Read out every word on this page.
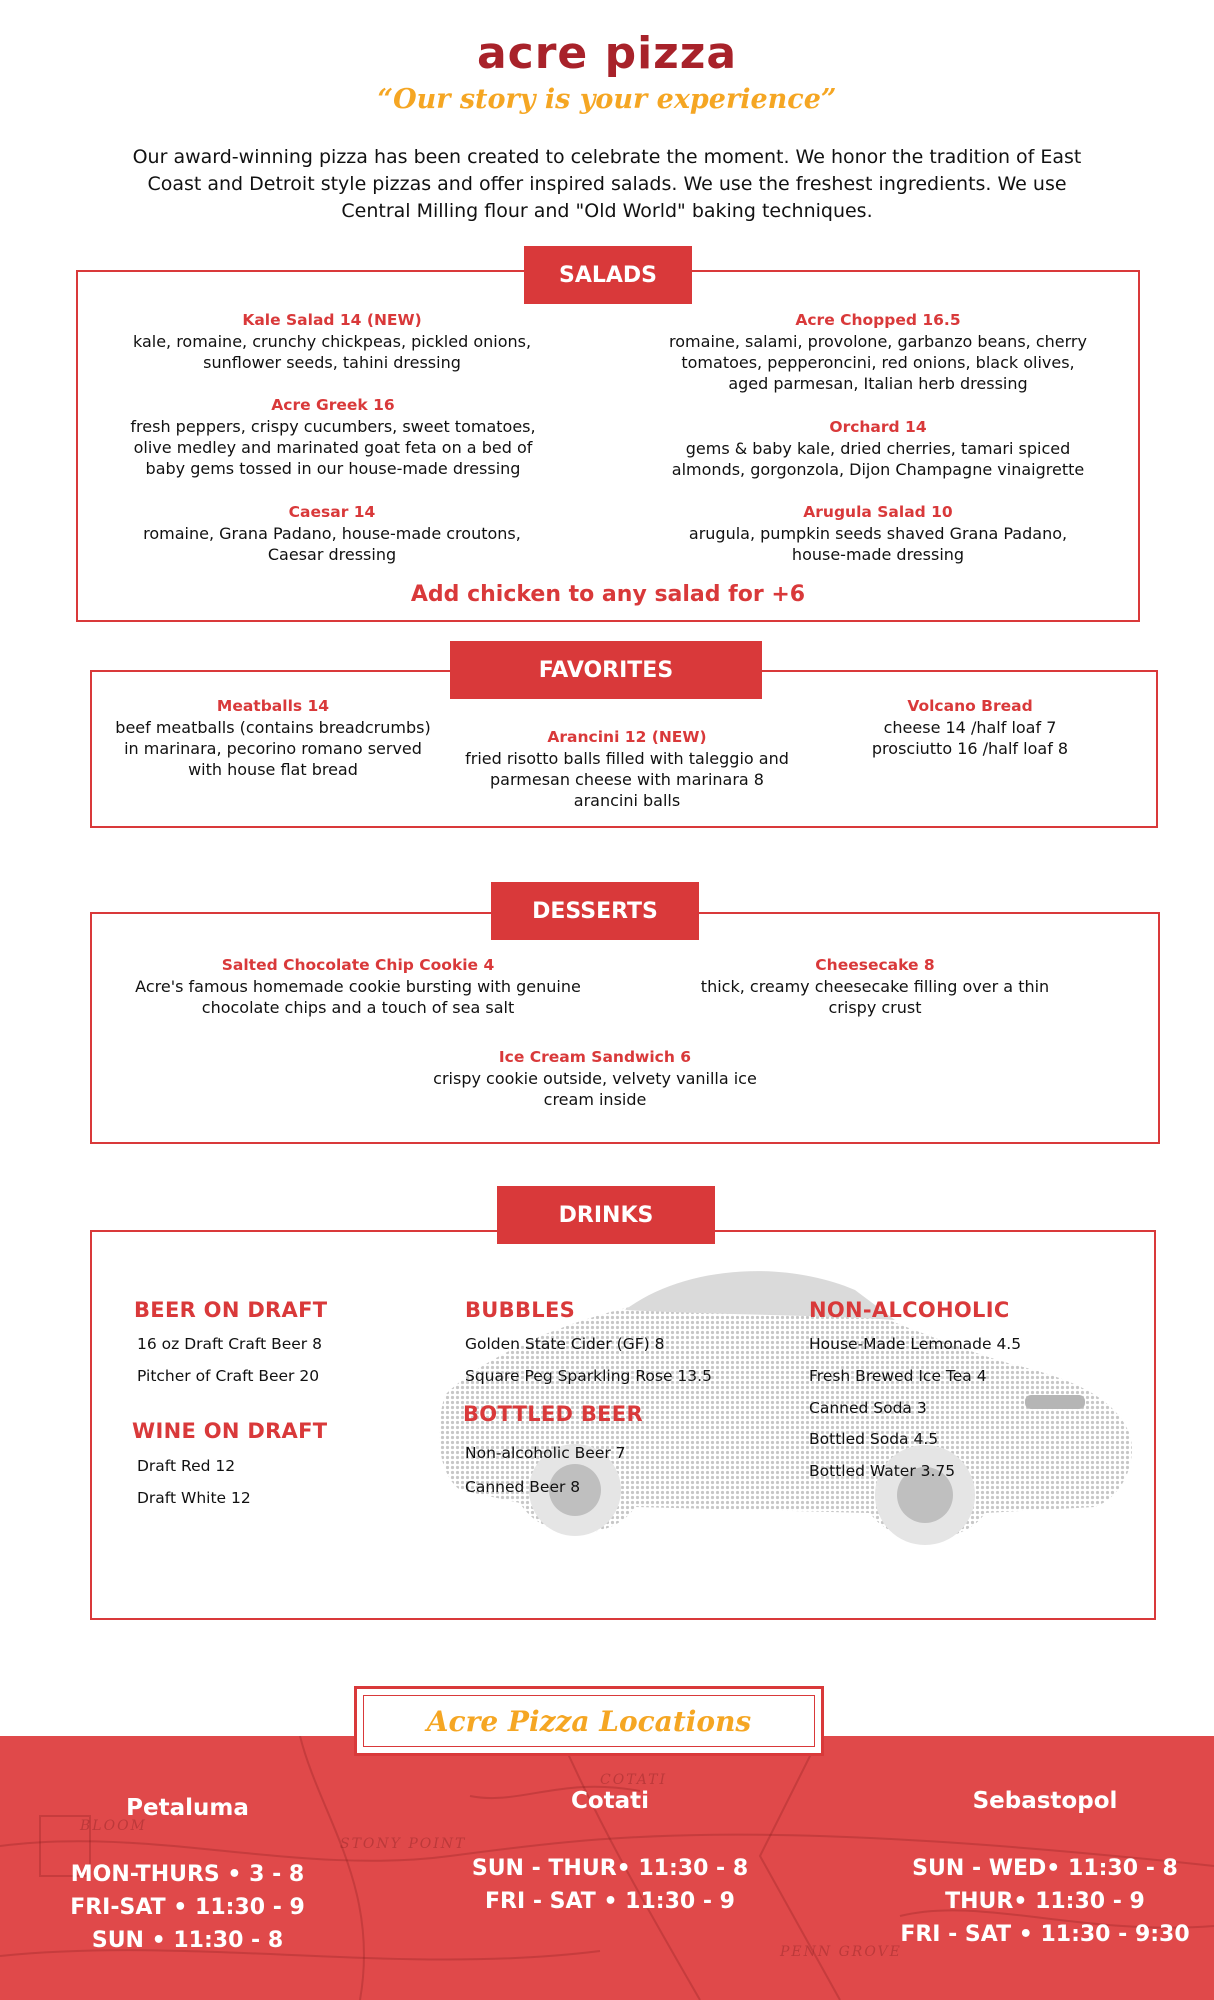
acre pizza
“Our story is your experience”
Our award-winning pizza has been created to celebrate the moment. We honor the tradition of East Coast and Detroit style pizzas and offer inspired salads. We use the freshest ingredients. We use Central Milling flour and "Old World" baking techniques.
SALADS
Kale Salad 14 (NEW)
kale, romaine, crunchy chickpeas, pickled onions, sunflower seeds, tahini dressing
Acre Greek 16
fresh peppers, crispy cucumbers, sweet tomatoes, olive medley and marinated goat feta on a bed of baby gems tossed in our house-made dressing
Caesar 14
romaine, Grana Padano, house-made croutons, Caesar dressing
Acre Chopped 16.5
romaine, salami, provolone, garbanzo beans, cherry tomatoes, pepperoncini, red onions, black olives, aged parmesan, Italian herb dressing
Orchard 14
gems & baby kale, dried cherries, tamari spiced almonds, gorgonzola, Dijon Champagne vinaigrette
Arugula Salad 10
arugula, pumpkin seeds shaved Grana Padano, house-made dressing
Add chicken to any salad for +6
FAVORITES
Meatballs 14
beef meatballs (contains breadcrumbs) in marinara, pecorino romano served with house flat bread
Arancini 12 (NEW)
fried risotto balls filled with taleggio and parmesan cheese with marinara 8 arancini balls
Volcano Bread
cheese 14 /half loaf 7
prosciutto 16 /half loaf 8
DESSERTS
Salted Chocolate Chip Cookie 4
Acre's famous homemade cookie bursting with genuine chocolate chips and a touch of sea salt
Cheesecake 8
thick, creamy cheesecake filling over a thin crispy crust
Ice Cream Sandwich 6
crispy cookie outside, velvety vanilla ice cream inside
DRINKS
BEER ON DRAFT
16 oz Draft Craft Beer 8
Pitcher of Craft Beer 20
WINE ON DRAFT
Draft Red 12
Draft White 12
BUBBLES
Golden State Cider (GF) 8
Square Peg Sparkling Rose 13.5
BOTTLED BEER
Non-alcoholic Beer 7
Canned Beer 8
NON-ALCOHOLIC
House-Made Lemonade 4.5
Fresh Brewed Ice Tea 4
Canned Soda 3
Bottled Soda 4.5
Bottled Water 3.75
COTATI
STONY POINT
BLOOM
PENN GROVE
Acre Pizza Locations
Petaluma
MON-THURS • 3 - 8
FRI-SAT • 11:30 - 9
SUN • 11:30 - 8
Cotati
SUN - THUR• 11:30 - 8
FRI - SAT • 11:30 - 9
Sebastopol
SUN - WED• 11:30 - 8
THUR• 11:30 - 9
FRI - SAT • 11:30 - 9:30
